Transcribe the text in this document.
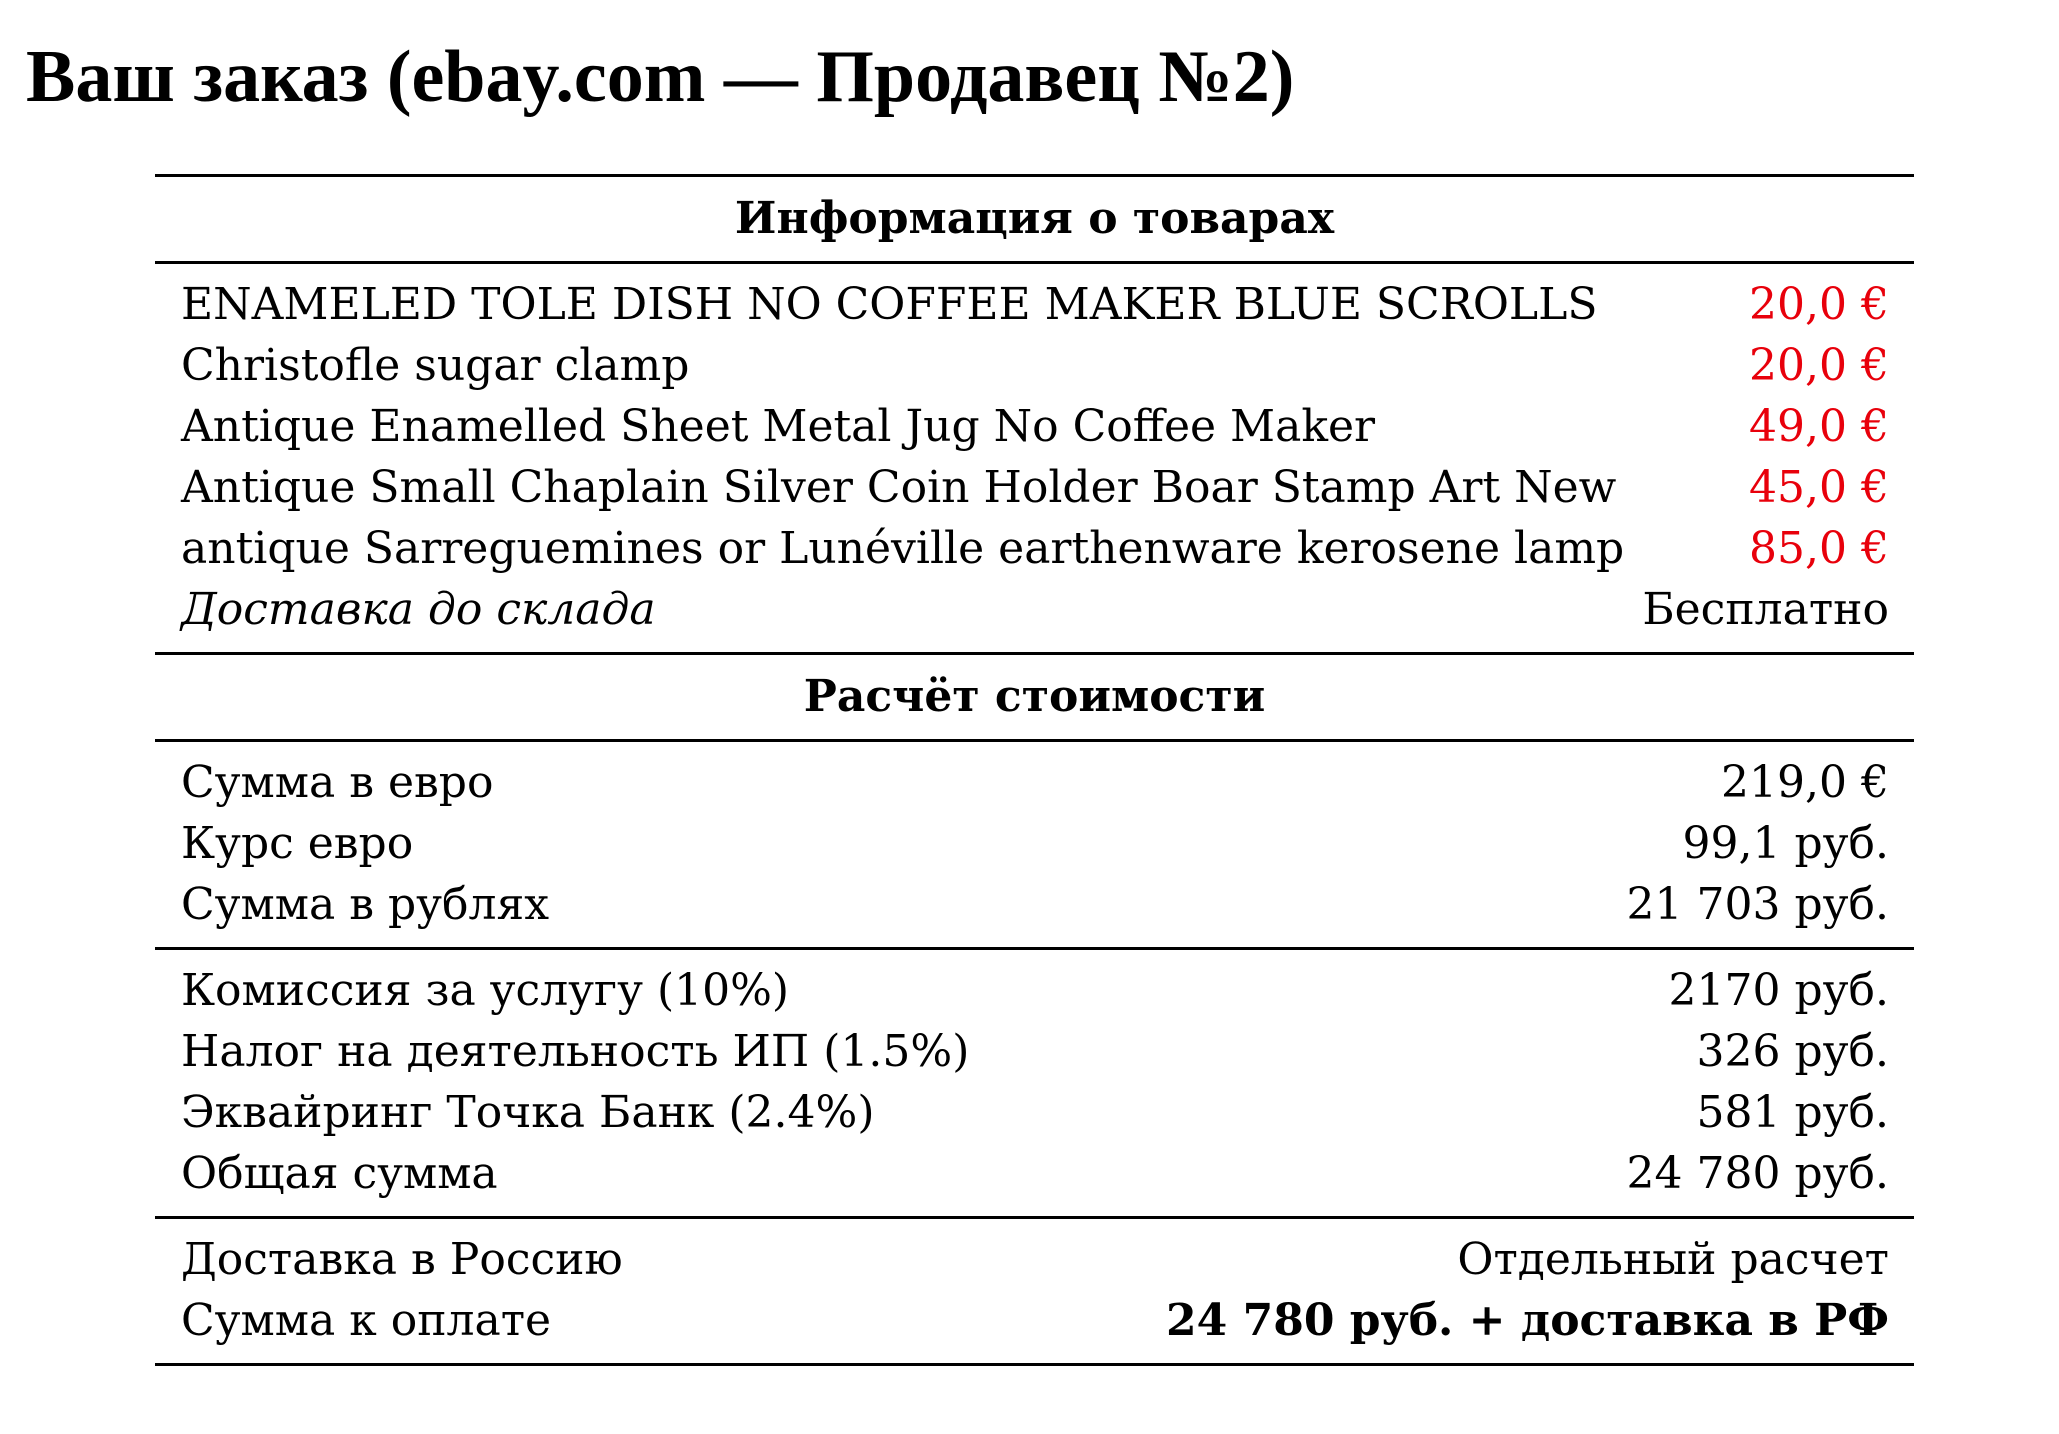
Ваш заказ (ebay.com — Продавец №2)
Информация о товарах
ENAMELED TOLE DISH NO COFFEE MAKER BLUE SCROLLS	20,0 €
Christofle sugar clamp	20,0 €
Antique Enamelled Sheet Metal Jug No Coffee Maker	49,0 €
Antique Small Chaplain Silver Coin Holder Boar Stamp Art New	45,0 €
antique Sarreguemines or Lunéville earthenware kerosene lamp	85,0 €
Доставка до склада	Бесплатно
Расчёт стоимости
Сумма в евро	219,0 €
Курс евро	99,1 руб.
Сумма в рублях	21 703 руб.
Комиссия за услугу (10%)	2170 руб.
Налог на деятельность ИП (1.5%)	326 руб.
Эквайринг Точка Банк (2.4%)	581 руб.
Общая сумма	24 780 руб.
Доставка в Россию	Отдельный расчет
Сумма к оплате	24 780 руб. + доставка в РФ
